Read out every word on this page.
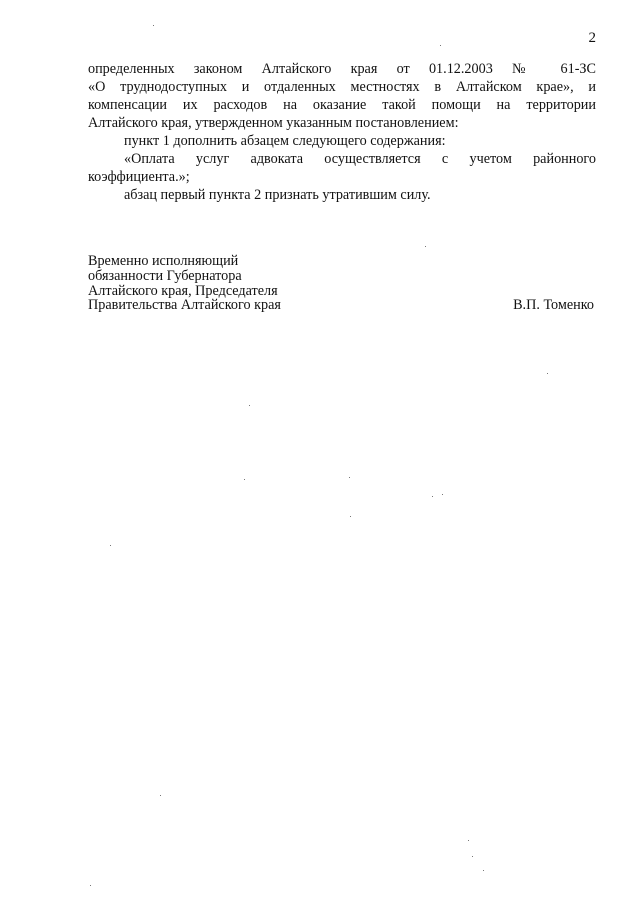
2
определенных законом Алтайского края от 01.12.2003 № 61-ЗС
«О труднодоступных и отдаленных местностях в Алтайском крае», и
компенсации их расходов на оказание такой помощи на территории
Алтайского края, утвержденном указанным постановлением:
пункт 1 дополнить абзацем следующего содержания:
«Оплата услуг адвоката осуществляется с учетом районного
коэффициента.»;
абзац первый пункта 2 признать утратившим силу.
Временно исполняющий
обязанности Губернатора
Алтайского края, Председателя
Правительства Алтайского края	В.П. Томенко
